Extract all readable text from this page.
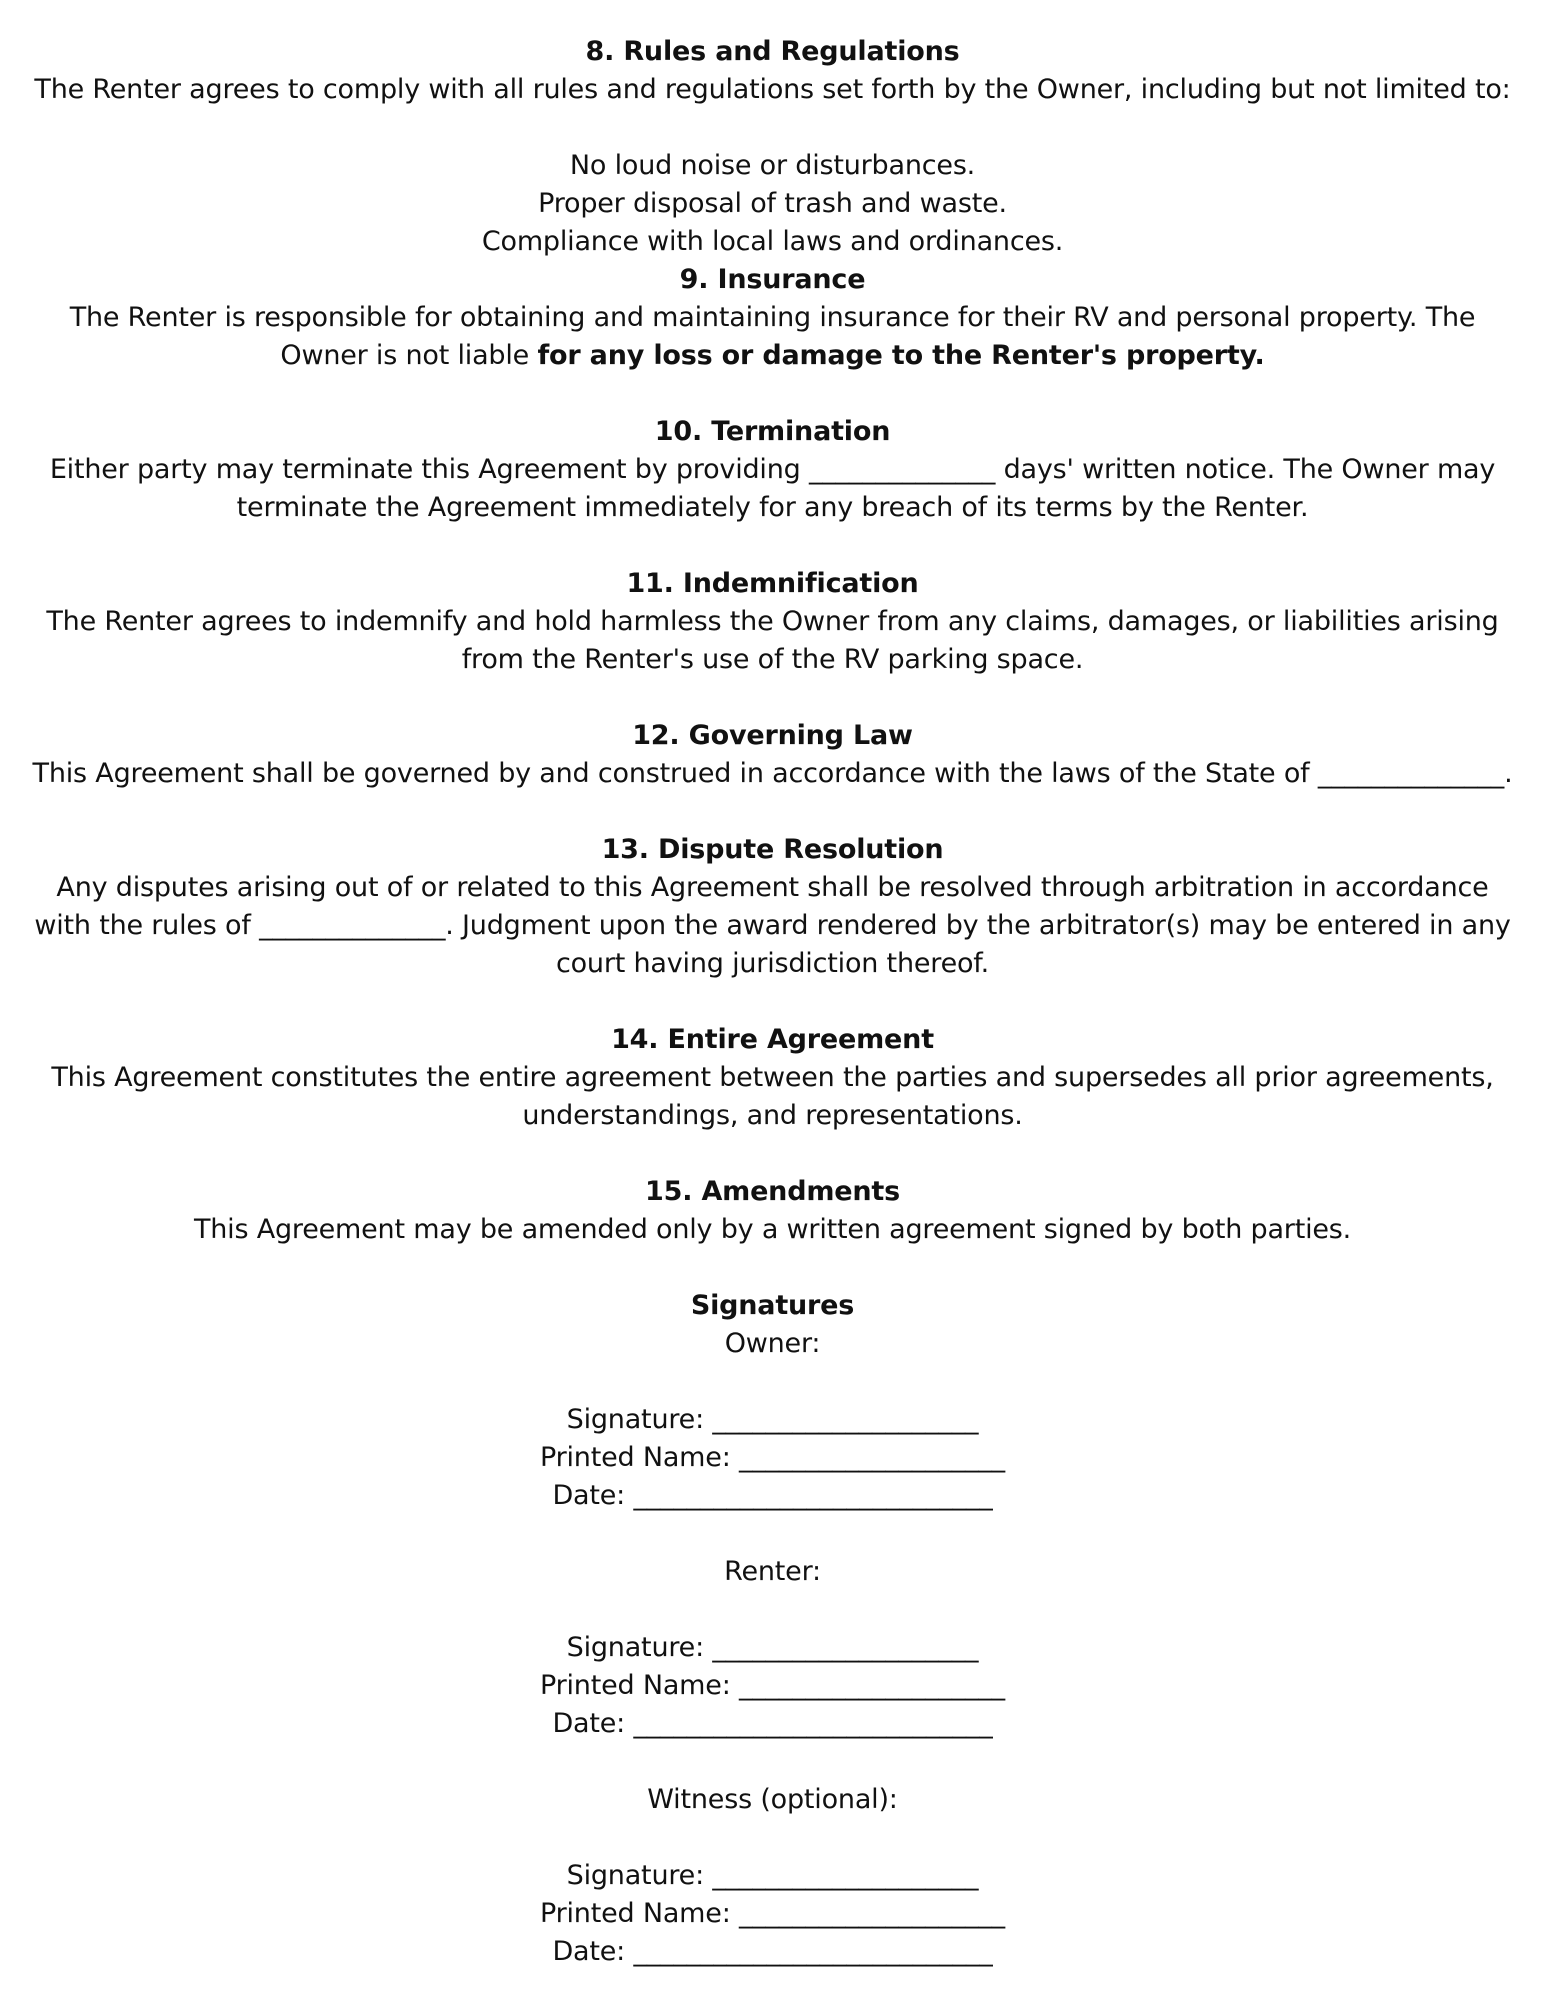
8. Rules and Regulations
The Renter agrees to comply with all rules and regulations set forth by the Owner, including but not limited to:
No loud noise or disturbances.
Proper disposal of trash and waste.
Compliance with local laws and ordinances.
9. Insurance
The Renter is responsible for obtaining and maintaining insurance for their RV and personal property. The
Owner is not liable for any loss or damage to the Renter's property.
10. Termination
Either party may terminate this Agreement by providing ______________ days' written notice. The Owner may
terminate the Agreement immediately for any breach of its terms by the Renter.
11. Indemnification
The Renter agrees to indemnify and hold harmless the Owner from any claims, damages, or liabilities arising
from the Renter's use of the RV parking space.
12. Governing Law
This Agreement shall be governed by and construed in accordance with the laws of the State of ______________.
13. Dispute Resolution
Any disputes arising out of or related to this Agreement shall be resolved through arbitration in accordance
with the rules of ______________. Judgment upon the award rendered by the arbitrator(s) may be entered in any
court having jurisdiction thereof.
14. Entire Agreement
This Agreement constitutes the entire agreement between the parties and supersedes all prior agreements,
understandings, and representations.
15. Amendments
This Agreement may be amended only by a written agreement signed by both parties.
Signatures
Owner:
Signature: ____________________
Printed Name: ____________________
Date: ___________________________
Renter:
Signature: ____________________
Printed Name: ____________________
Date: ___________________________
Witness (optional):
Signature: ____________________
Printed Name: ____________________
Date: ___________________________
